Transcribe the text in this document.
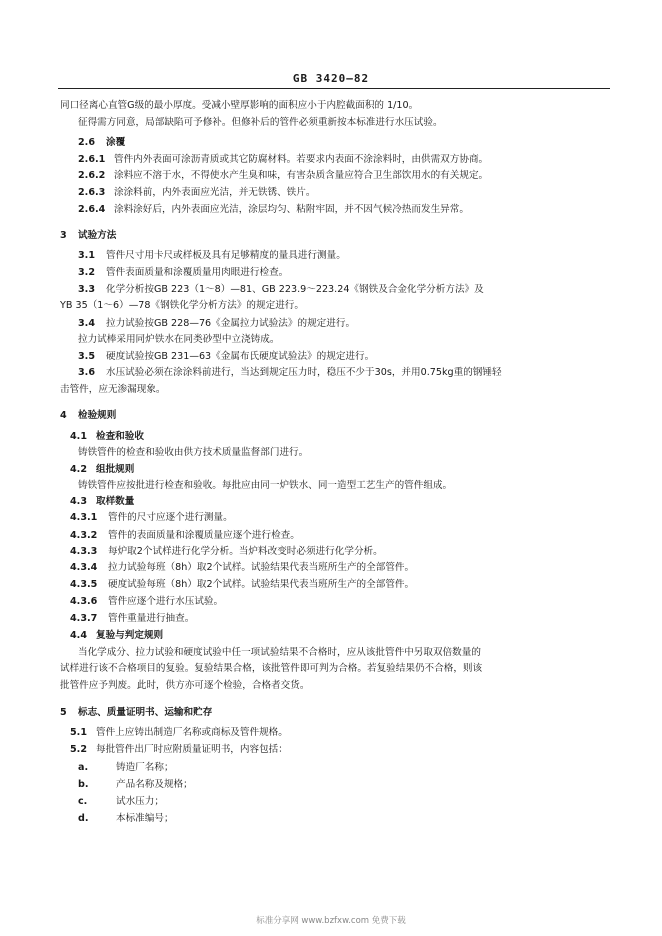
GB 3420—82
同口径离心直管G级的最小厚度。受减小壁厚影响的面积应小于内腔截面积的 1/10。
征得需方同意，局部缺陷可予修补。但修补后的管件必须重新按本标准进行水压试验。
2.6 涂覆
2.6.1 管件内外表面可涂沥青质或其它防腐材料。若要求内表面不涂涂料时，由供需双方协商。
2.6.2 涂料应不溶于水，不得使水产生臭和味，有害杂质含量应符合卫生部饮用水的有关规定。
2.6.3 涂涂料前，内外表面应光洁，并无铁锈、铁片。
2.6.4 涂料涂好后，内外表面应光洁，涂层均匀、粘附牢固，并不因气候冷热而发生异常。
3 试验方法
3.1 管件尺寸用卡尺或样板及具有足够精度的量具进行测量。
3.2 管件表面质量和涂覆质量用肉眼进行检查。
3.3 化学分析按GB 223（1～8）—81、GB 223.9～223.24《钢铁及合金化学分析方法》及
YB 35（1～6）—78《钢铁化学分析方法》的规定进行。
3.4 拉力试验按GB 228—76《金属拉力试验法》的规定进行。
拉力试棒采用同炉铁水在同类砂型中立浇铸成。
3.5 硬度试验按GB 231—63《金属布氏硬度试验法》的规定进行。
3.6 水压试验必须在涂涂料前进行，当达到规定压力时，稳压不少于30s，并用0.75kg重的钢锤轻
击管件，应无渗漏现象。
4 检验规则
4.1 检查和验收
铸铁管件的检查和验收由供方技术质量监督部门进行。
4.2 组批规则
铸铁管件应按批进行检查和验收。每批应由同一炉铁水、同一造型工艺生产的管件组成。
4.3 取样数量
4.3.1 管件的尺寸应逐个进行测量。
4.3.2 管件的表面质量和涂覆质量应逐个进行检查。
4.3.3 每炉取2个试样进行化学分析。当炉料改变时必须进行化学分析。
4.3.4 拉力试验每班（8h）取2个试样。试验结果代表当班所生产的全部管件。
4.3.5 硬度试验每班（8h）取2个试样。试验结果代表当班所生产的全部管件。
4.3.6 管件应逐个进行水压试验。
4.3.7 管件重量进行抽查。
4.4 复验与判定规则
当化学成分、拉力试验和硬度试验中任一项试验结果不合格时，应从该批管件中另取双倍数量的
试样进行该不合格项目的复验。复验结果合格，该批管件即可判为合格。若复验结果仍不合格，则该
批管件应予判废。此时，供方亦可逐个检验，合格者交货。
5 标志、质量证明书、运输和贮存
5.1 管件上应铸出制造厂名称或商标及管件规格。
5.2 每批管件出厂时应附质量证明书，内容包括：
a.	铸造厂名称；
b.	产品名称及规格；
c.	试水压力；
d.	本标准编号；
标准分享网 www.bzfxw.com 免费下载
